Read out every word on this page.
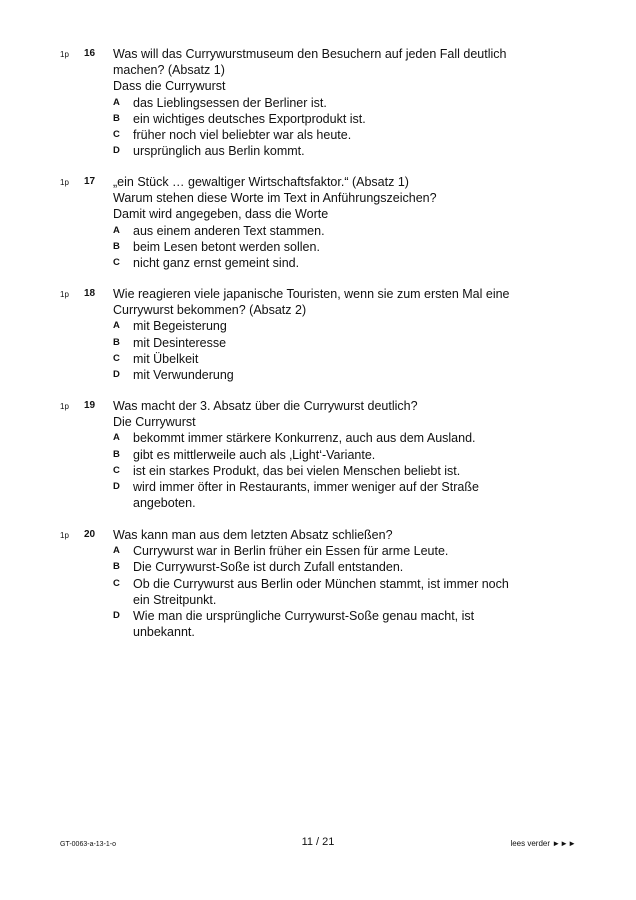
1p 16 Was will das Currywurstmuseum den Besuchern auf jeden Fall deutlich
machen? (Absatz 1)
Dass die Currywurst
A das Lieblingsessen der Berliner ist.
B ein wichtiges deutsches Exportprodukt ist.
C früher noch viel beliebter war als heute.
D ursprünglich aus Berlin kommt.
1p 17 „ein Stück … gewaltiger Wirtschaftsfaktor.“ (Absatz 1)
Warum stehen diese Worte im Text in Anführungszeichen?
Damit wird angegeben, dass die Worte
A aus einem anderen Text stammen.
B beim Lesen betont werden sollen.
C nicht ganz ernst gemeint sind.
1p 18 Wie reagieren viele japanische Touristen, wenn sie zum ersten Mal eine
Currywurst bekommen? (Absatz 2)
A mit Begeisterung
B mit Desinteresse
C mit Übelkeit
D mit Verwunderung
1p 19 Was macht der 3. Absatz über die Currywurst deutlich?
Die Currywurst
A bekommt immer stärkere Konkurrenz, auch aus dem Ausland.
B gibt es mittlerweile auch als ‚Light‘-Variante.
C ist ein starkes Produkt, das bei vielen Menschen beliebt ist.
D wird immer öfter in Restaurants, immer weniger auf der Straße
angeboten.
1p 20 Was kann man aus dem letzten Absatz schließen?
A Currywurst war in Berlin früher ein Essen für arme Leute.
B Die Currywurst-Soße ist durch Zufall entstanden.
C Ob die Currywurst aus Berlin oder München stammt, ist immer noch
ein Streitpunkt.
D Wie man die ursprüngliche Currywurst-Soße genau macht, ist
unbekannt.
GT-0063-a-13-1-o	11 / 21	lees verder ►►►
